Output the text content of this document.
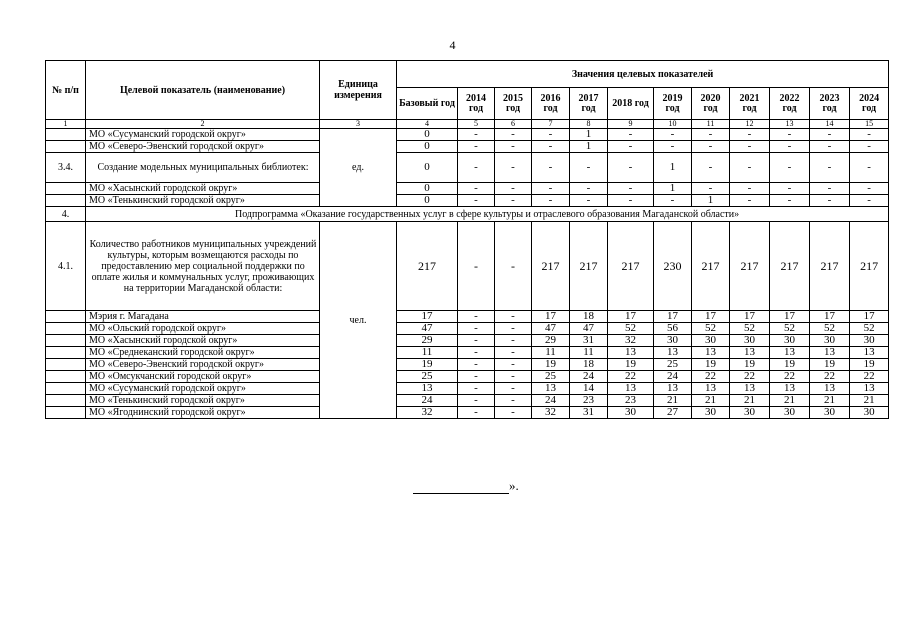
4
№ п/п	Целевой показатель (наименование)	Единица измерения	Значения целевых показателей											
			Базовый год	2014 год	2015 год	2016 год	2017 год	2018 год	2019 год	2020 год	2021 год	2022 год	2023 год	2024 год
1	2	3	4	5	6	7	8	9	10	11	12	13	14	15
	МО «Сусуманский городской округ»	ед.	0	-	-	-	1	-	-	-	-	-	-	-
	МО «Северо-Эвенский городской округ»		0	-	-	-	1	-	-	-	-	-	-	-
3.4.	Создание модельных муниципальных библиотек:		0	-	-	-	-	-	1	-	-	-	-	-
	МО «Хасынский городской округ»		0	-	-	-	-	-	1	-	-	-	-	-
	МО «Тенькинский городской округ»		0	-	-	-	-	-	-	1	-	-	-	-
4.	Подпрограмма «Оказание государственных услуг в сфере культуры и отраслевого образования Магаданской области»													
4.1.	Количество работников муниципальных учреждений культуры, которым возмещаются расходы по предоставлению мер социальной поддержки по оплате жилья и коммунальных услуг, проживающих на территории Магаданской области:	чел.	217	-	-	217	217	217	230	217	217	217	217	217
	Мэрия г. Магадана		17	-	-	17	18	17	17	17	17	17	17	17
	МО «Ольский городской округ»		47	-	-	47	47	52	56	52	52	52	52	52
	МО «Хасынский городской округ»		29	-	-	29	31	32	30	30	30	30	30	30
	МО «Среднеканский городской округ»		11	-	-	11	11	13	13	13	13	13	13	13
	МО «Северо-Эвенский городской округ»		19	-	-	19	18	19	25	19	19	19	19	19
	МО «Омсукчанский городской округ»		25	-	-	25	24	22	24	22	22	22	22	22
	МО «Сусуманский городской округ»		13	-	-	13	14	13	13	13	13	13	13	13
	МО «Тенькинский городской округ»		24	-	-	24	23	23	21	21	21	21	21	21
	МО «Ягоднинский городской округ»		32	-	-	32	31	30	27	30	30	30	30	30
».
